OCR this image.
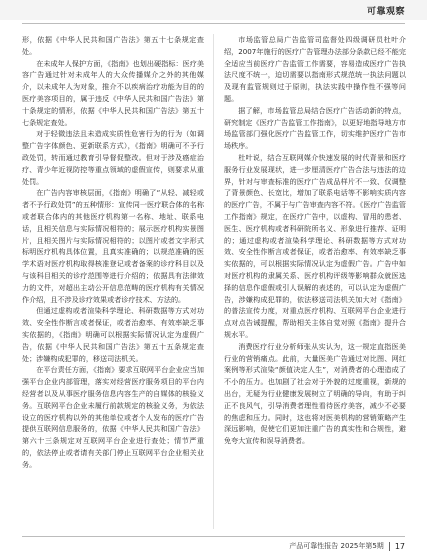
可靠观察

形，依据《中华人民共和国广告法》第五十七条规定查处。

在未成年人保护方面，《指南》也划出硬指标：医疗美容广告通过针对未成年人的大众传播媒介之外的其他媒介，以未成年人为对象，推介不以疾病治疗功能为目的的医疗美容项目的，属于违反《中华人民共和国广告法》第十条规定的情形，依据《中华人民共和国广告法》第五十七条规定查处。

对于轻微违法且未造成实质性危害行为的行为（如调整广告字体颜色、更新联系方式），《指南》明确可不予行政处罚，转而通过教育引导督促整改。但对于涉及癌症治疗、青少年近视防控等重点领域的虚假宣传，则要求从重处罚。

在广告内容审核层面，《指南》明确了“从轻、减轻或者不予行政处罚”的五种情形：宣传同一医疗联合体的名称或者联合体内的其他医疗机构第一名称、地址、联系电话，且相关信息与实际情况相符的；展示医疗机构实景图片，且相关图片与实际情况相符的；以图片或者文字形式标明医疗机构具体位置，且真实准确的；以规范准确的医学术语对医疗机构取得核准登记或者备案的诊疗科目以及与该科目相关的诊疗范围等进行介绍的；依据具有法律效力的文件，对超出主动公开信息范畴的医疗机构有关情况作介绍，且不涉及诊疗效果或者诊疗技术、方法的。

但通过虚构或者渲染科学理论、科研数据等方式对功效、安全性作断言或者保证，或者治愈率、有效率缺乏事实依据的，《指南》明确可以根据实际情况认定为虚假广告，依据《中华人民共和国广告法》第五十五条规定查处；涉嫌构成犯罪的，移送司法机关。

在平台责任方面，《指南》要求互联网平台企业应当加强平台企业内部管理，落实对经营医疗服务项目的平台内经营者以及从事医疗服务信息内容生产的自媒体的核验义务。互联网平台企业未履行前款规定的核验义务，为依法设立的医疗机构以外的其他单位或者个人发布的医疗广告提供互联网信息服务的，依据《中华人民共和国广告法》第六十三条规定对互联网平台企业进行查处；情节严重的，依法停止或者请有关部门停止互联网平台企业相关业务。

市场监管总局广告监管司监督处四级调研员杜叶介绍，2007年施行的医疗广告管理办法部分条款已经不能完全适应当前医疗广告监管工作需要，容易造成医疗广告执法尺度不统一，迫切需要以指南形式规范统一执法问题以及现有监管规则过于原则，执法实践中操作性不强等问题。

据了解，市场监管总局结合医疗广告活动新的特点，研究制定《医疗广告监管工作指南》，以更好地指导地方市场监管部门强化医疗广告监管工作，切实维护医疗广告市场秩序。

杜叶说，结合互联网媒介快速发展的时代背景和医疗服务行业发展现状，进一步厘清医疗广告合法与违法的边界，针对与审查标准的医疗广告成品样片不一致、仅调整了背景颜色、长宽比，增加了联系电话等不影响实质内容的医疗广告，不属于与广告审查内容不符。《医疗广告监管工作指南》规定，在医疗广告中，以虚构、冒用的患者、医生、医疗机构或者科研院所名义、形象进行推荐、证明的；通过虚构或者渲染科学理论、科研数据等方式对功效、安全性作断言或者保证，或者治愈率、有效率缺乏事实依据的，可以根据实际情况认定为虚假广告。广告中如对医疗机构的隶属关系、医疗机构评级等影响群众就医选择的信息作虚假或引人误解的表述的，可以认定为虚假广告，涉嫌构成犯罪的，依法移送司法机关加大对《指南》的普法宣传力度，对重点医疗机构、互联网平台企业进行点对点告诫提醒，帮助相关主体自觉对照《指南》提升合规水平。

消费医疗行业分析师张从实认为，这一规定直指医美行业的营销痛点。此前，大量医美广告通过对比图、网红案例等形式渲染“颜值决定人生”，对消费者的心理造成了不小的压力。也加剧了社会对于外貌的过度重视，新规的出台，无疑为行业健康发展树立了明确的导向，有助于纠正不良风气，引导消费者理性看待医疗美容，减少不必要的焦虑和压力。同时，这也将对医美机构的营销策略产生深远影响，促使它们更加注重广告的真实性和合规性，避免夸大宣传和误导消费者。

产品可靠性报告 2025年第5期 17
